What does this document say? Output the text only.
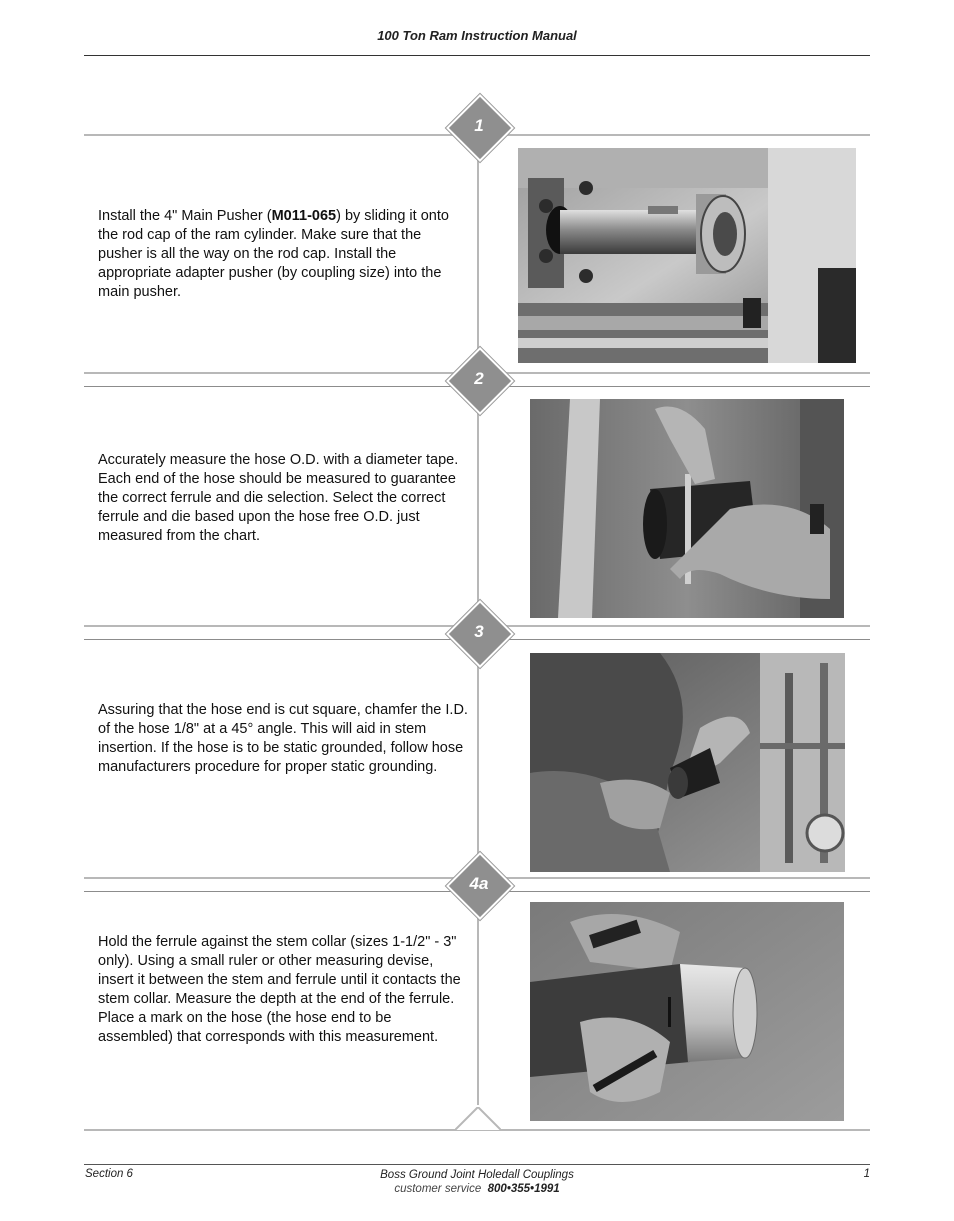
100 Ton Ram Instruction Manual
1
2
3
4a
Install the 4" Main Pusher (M011-065) by sliding it onto the rod cap of the ram cylinder. Make sure that the pusher is all the way on the rod cap. Install the appropriate adapter pusher (by coupling size) into the main pusher.
Accurately measure the hose O.D. with a diameter tape. Each end of the hose should be measured to guarantee the correct ferrule and die selection. Select the correct ferrule and die based upon the hose free O.D. just measured from the chart.
Assuring that the hose end is cut square, chamfer the I.D. of the hose 1/8" at a 45° angle. This will aid in stem insertion. If the hose is to be static grounded, follow hose manufacturers procedure for proper static grounding.
Hold the ferrule against the stem collar (sizes 1-1/2" - 3" only). Using a small ruler or other measuring devise, insert it between the stem and ferrule until it contacts the stem collar. Measure the depth at the end of the ferrule. Place a mark on the hose (the hose end to be assembled) that corresponds with this measurement.
Section 6	Boss Ground Joint Holedall Couplings
customer service 800•355•1991
1
